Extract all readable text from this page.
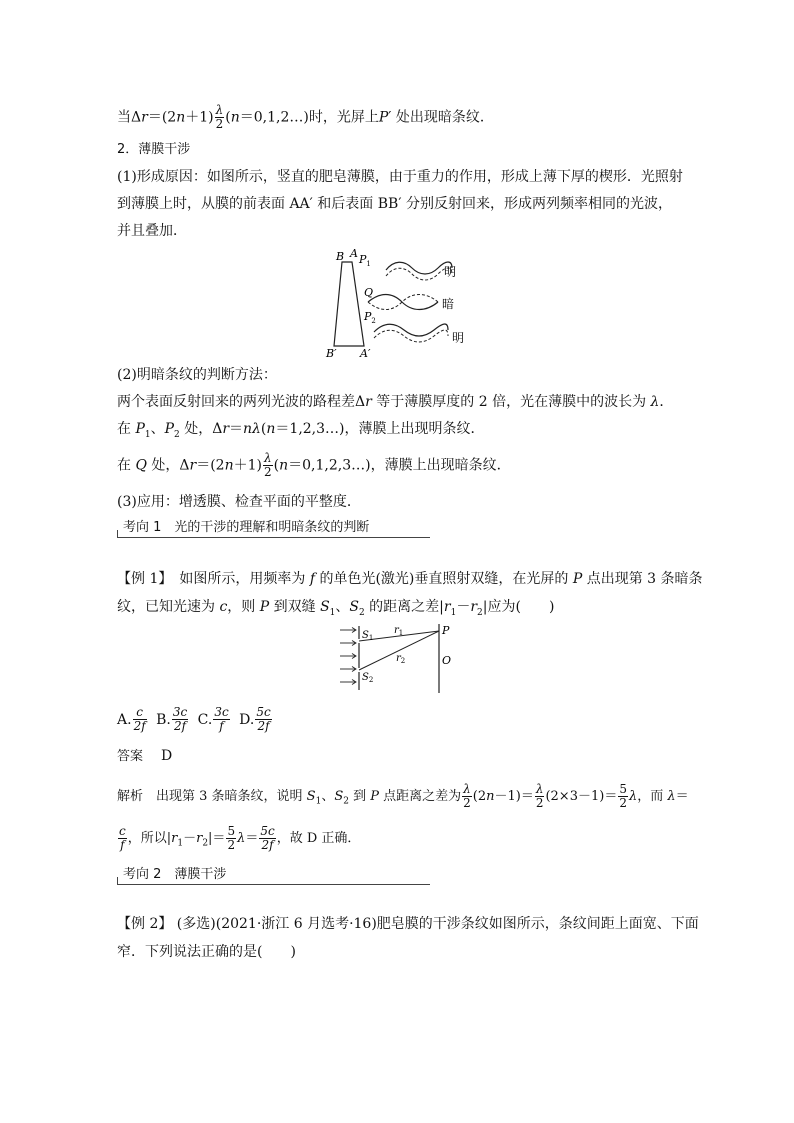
当$\Delta r=(2n+1) \frac{\lambda}{2}$ (n＝0,1,2…)时，光屏上P′ 处出现暗条纹．
2．薄膜干涉
(1)形成原因：如图所示，竖直的肥皂薄膜，由于重力的作用，形成上薄下厚的楔形．光照射
到薄膜上时，从膜的前表面 AA′ 和后表面 BB′ 分别反射回来，形成两列频率相同的光波，
并且叠加．
B A $P_1$
明
Q
暗
$P_2$
明
B′ A′
(2)明暗条纹的判断方法：
两个表面反射回来的两列光波的路程差Δr 等于薄膜厚度的 2 倍，光在薄膜中的波长为 λ．
在 $P_1$、$P_2$ 处，Δr＝nλ(n＝1,2,3…)，薄膜上出现明条纹．
在 Q 处，$\Delta r=(2n+1) \frac{\lambda}{2}$ (n＝0,1,2,3…)，薄膜上出现暗条纹．
(3)应用：增透膜、检查平面的平整度．
考向 1　光的干涉的理解和明暗条纹的判断
【例 1】　如图所示，用频率为 f 的单色光(激光)垂直照射双缝，在光屏的 P 点出现第 3 条暗条
纹，已知光速为 c，则 P 到双缝 $S_1$、$S_2$ 的距离之差$|r_1-r_2|$应为(　　)
$S_1$
$r_1$	P
$r_2$	O
$S_2$
A. $\frac{c}{2f} B$. $\frac{3c}{2f} C$. $\frac{3c}{f} D$. $\frac{5c}{2f}$
答案 D
解析　出现第 3 条暗条纹，说明 $S_1$、$S_2$ 到 P 点距离之差为 $\frac{\lambda}{2} (2n-1)= \frac{\lambda}{2} (2\times 3-1)= \frac{5}{2}$ λ，而 λ＝
$\frac{c}{f}$ ，所以$|r_1-r_2|= \frac{5}{2} \lambda= \frac{5c}{2f}$ ，故 D 正确．
考向 2　薄膜干涉
【例 2】 (多选)(2021·浙江 6 月选考·16)肥皂膜的干涉条纹如图所示，条纹间距上面宽、下面
窄．下列说法正确的是(　　)
